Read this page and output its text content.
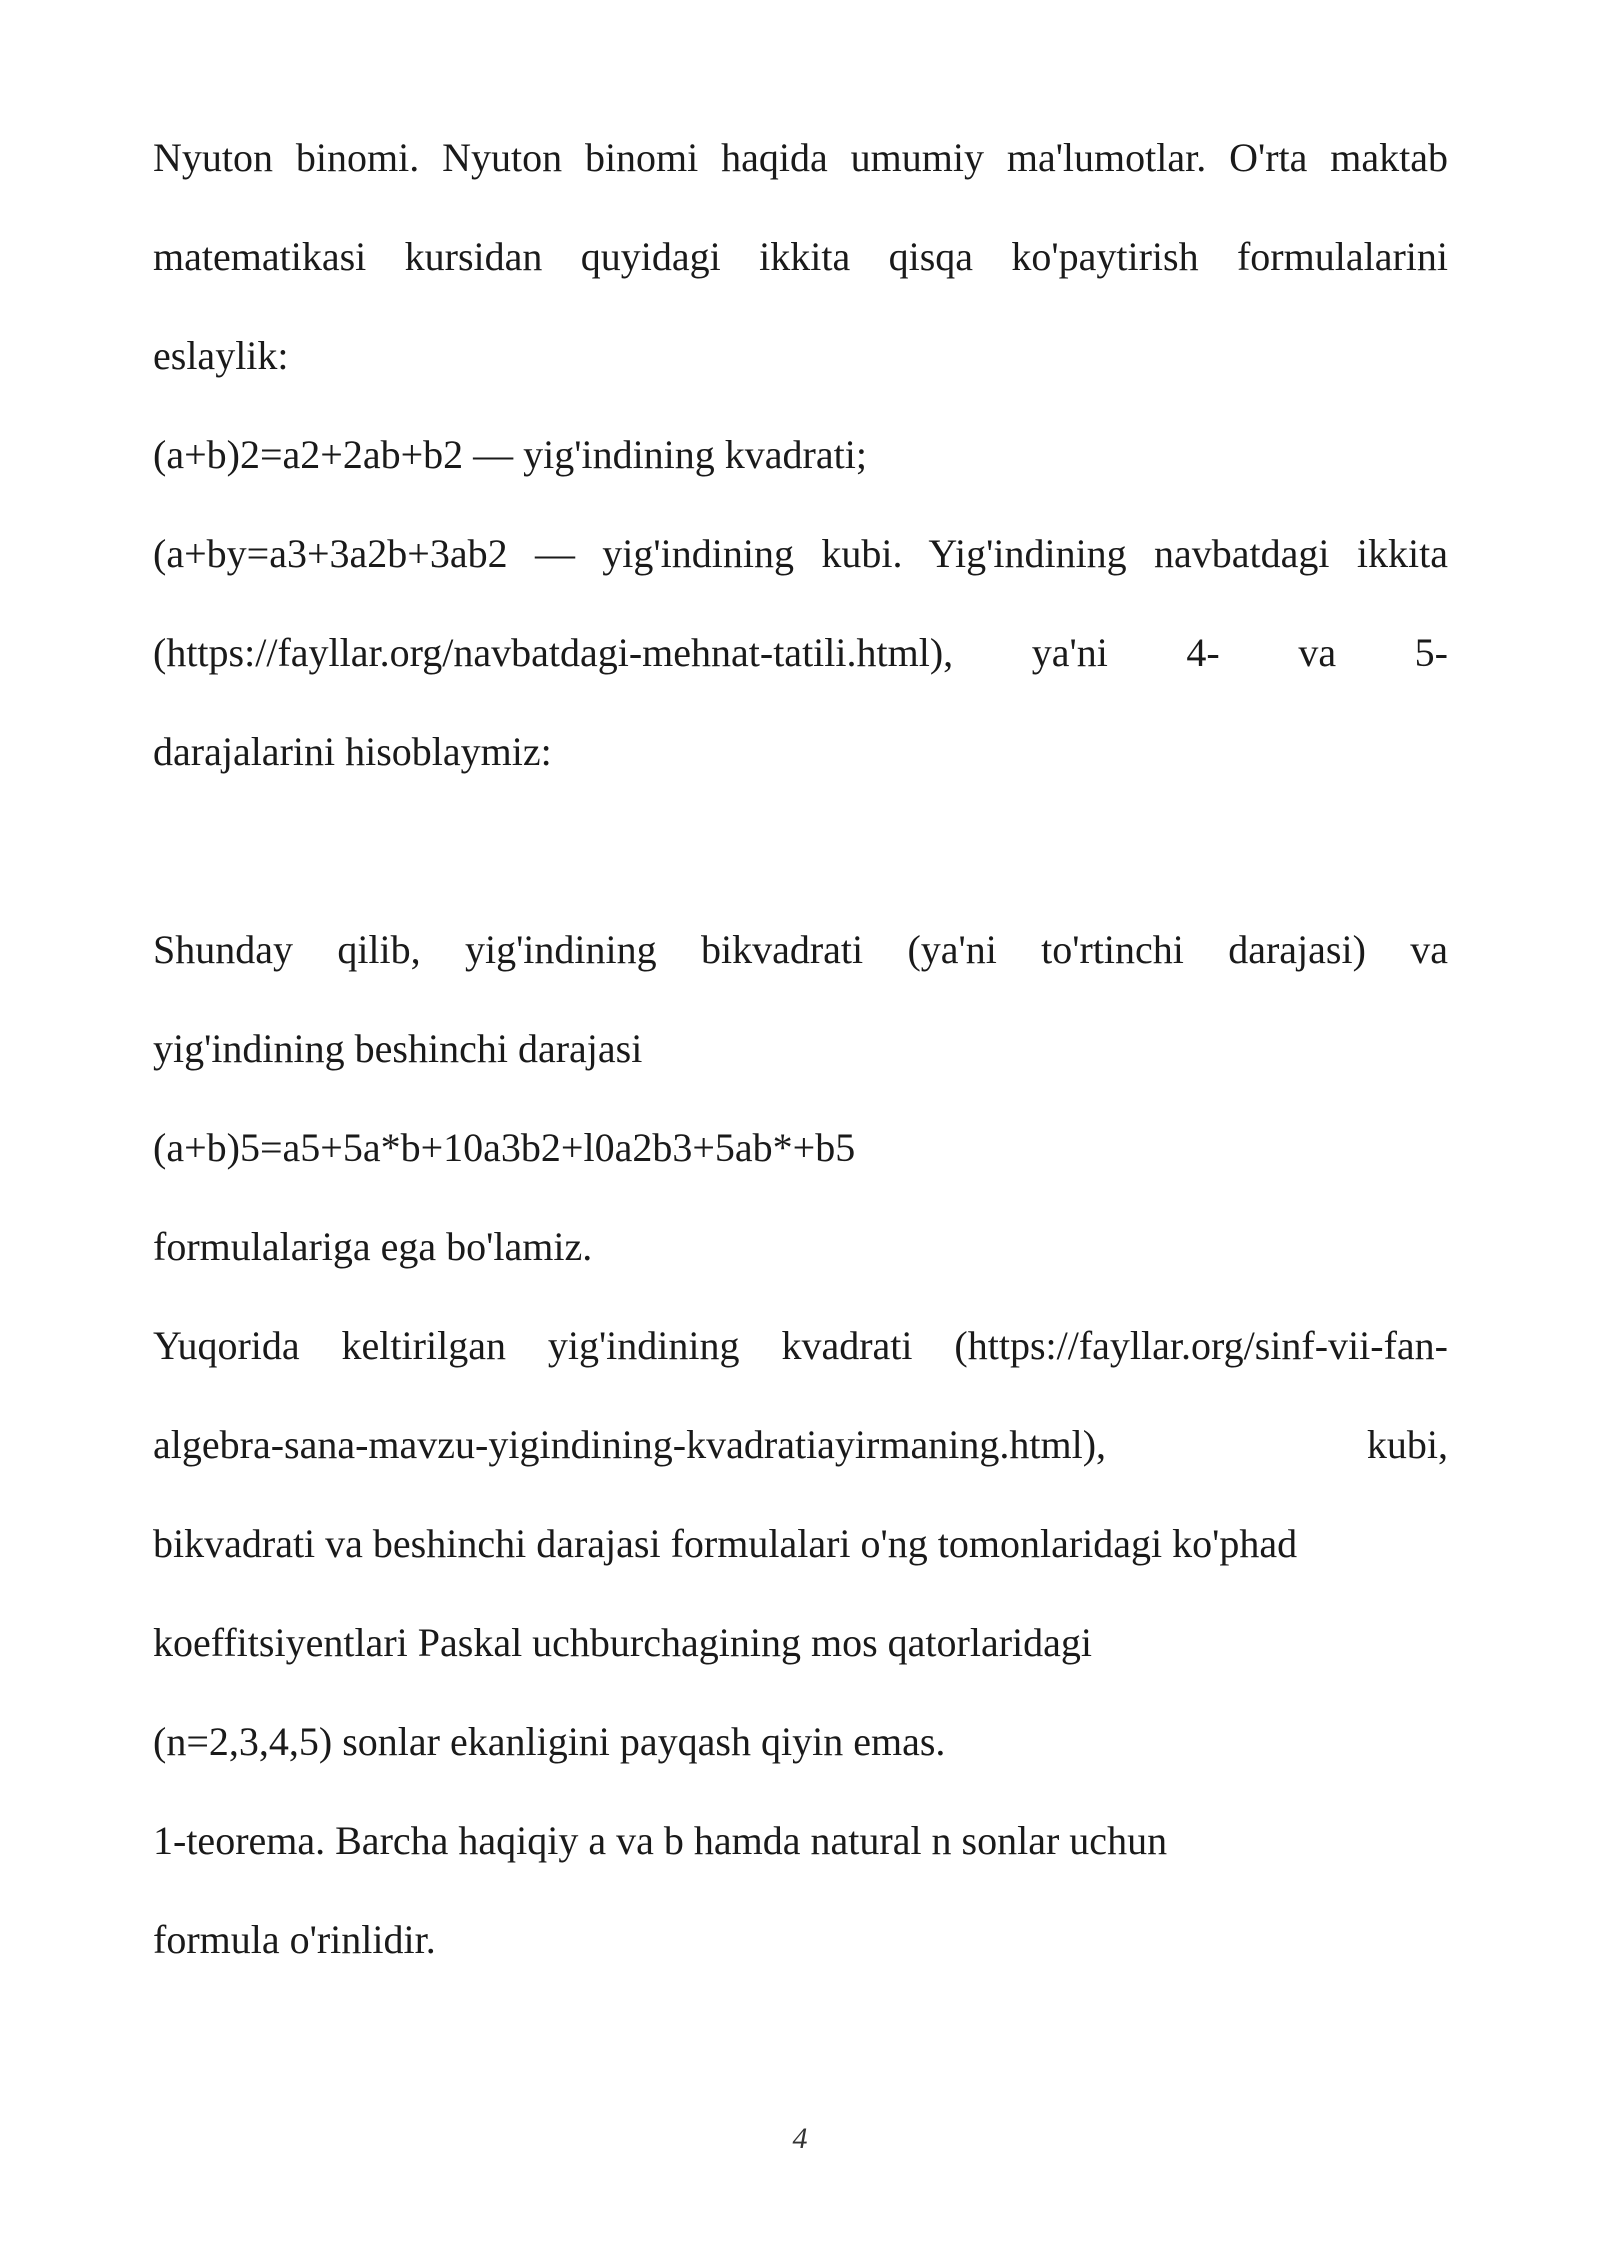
Nyuton binomi. Nyuton binomi haqida umumiy ma'lumotlar. O'rta maktab

matematikasi kursidan quyidagi ikkita qisqa ko'paytirish formulalarini

eslaylik:

(a+b)2=a2+2ab+b2 — yig'indining kvadrati;

(a+by=a3+3a2b+3ab2 — yig'indining kubi. Yig'indining navbatdagi ikkita

(https://fayllar.org/navbatdagi-mehnat-tatili.html), ya'ni 4- va 5-

darajalarini hisoblaymiz:

Shunday qilib, yig'indining bikvadrati (ya'ni to'rtinchi darajasi) va

yig'indining beshinchi darajasi

(a+b)5=a5+5a*b+10a3b2+l0a2b3+5ab*+b5

formulalariga ega bo'lamiz.

Yuqorida keltirilgan yig'indining kvadrati (https://fayllar.org/sinf-vii-fan-

algebra-sana-mavzu-yigindining-kvadratiayirmaning.html), kubi,

bikvadrati va beshinchi darajasi formulalari o'ng tomonlaridagi ko'phad

koeffitsiyentlari Paskal uchburchagining mos qatorlaridagi

(n=2,3,4,5) sonlar ekanligini payqash qiyin emas.

1-teorema. Barcha haqiqiy a va b hamda natural n sonlar uchun

formula o'rinlidir.

4
